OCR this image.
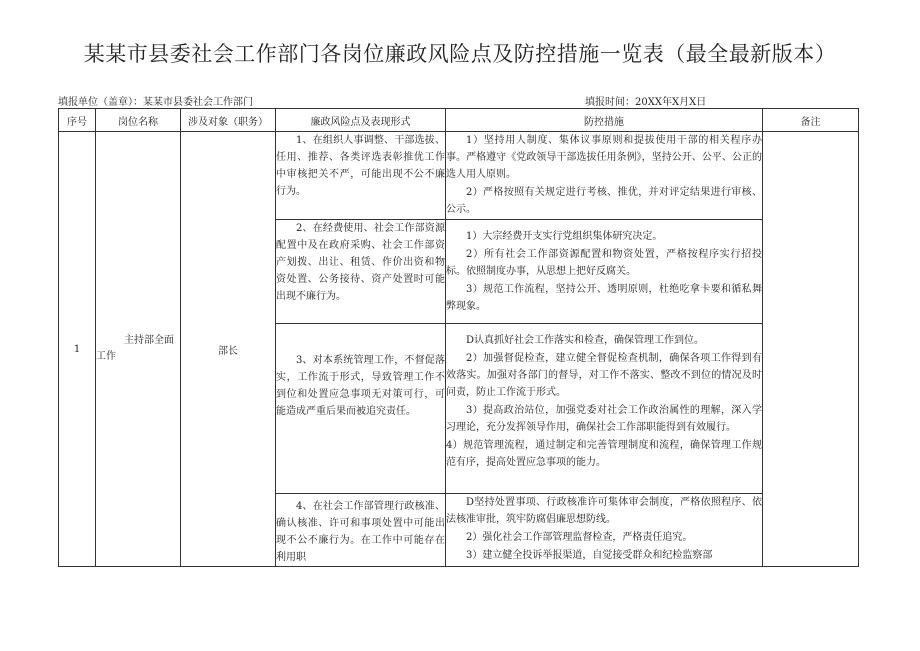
某某市县委社会工作部门各岗位廉政风险点及防控措施一览表（最全最新版本）
填报单位（盖章）：某某市县委社会工作部门	填报时间：20XX年X月X日
序号	岗位名称	涉及对象（职务）	廉政风险点及表现形式	防控措施	备注
1	主持部全面工作	部长	1、在组织人事调整、干部选拔、任用、推荐、各类评选表彰推优工作中审核把关不严，可能出现不公不廉行为。	1）坚持用人制度、集体议事原则和提拔使用干部的相关程序办事。严格遵守《党政领导干部选拔任用条例》，坚持公开、公平、公正的选人用人原则。

2）严格按照有关规定进行考核、推优，并对评定结果进行审核、公示。	

			2、在经费使用、社会工作部资源配置中及在政府采购、社会工作部资产划拨、出让、租赁、作价出资和物资处置、公务接待、资产处置时可能出现不廉行为。	1）大宗经费开支实行党组织集体研究决定。

2）所有社会工作部资源配置和物资处置，严格按程序实行招投标。依照制度办事，从思想上把好反腐关。

3）规范工作流程，坚持公开、透明原则，杜绝吃拿卡要和循私舞弊现象。	

			3、对本系统管理工作，不督促落实，工作流于形式，导致管理工作不到位和处置应急事项无对策可行，可能造成严重后果而被追究责任。	D认真抓好社会工作落实和检查，确保管理工作到位。

2）加强督促检查，建立健全督促检查机制，确保各项工作得到有效落实。加强对各部门的督导，对工作不落实、整改不到位的情况及时问责，防止工作流于形式。

3）提高政治站位，加强党委对社会工作政治属性的理解，深入学习理论，充分发挥领导作用，确保社会工作部职能得到有效履行。

4）规范管理流程，通过制定和完善管理制度和流程，确保管理工作规范有序，提高处置应急事项的能力。	

			4、在社会工作部管理行政核准、确认核准、许可和事项处置中可能出现不公不廉行为。在工作中可能存在利用职	D坚持处置事项、行政核准许可集体审会制度，严格依照程序、依法核准审批，筑牢防腐倡廉思想防线。

2）强化社会工作部管理监督检查，严格责任追究。

3）建立健全投诉举报渠道，自觉接受群众和纪检监察部	
